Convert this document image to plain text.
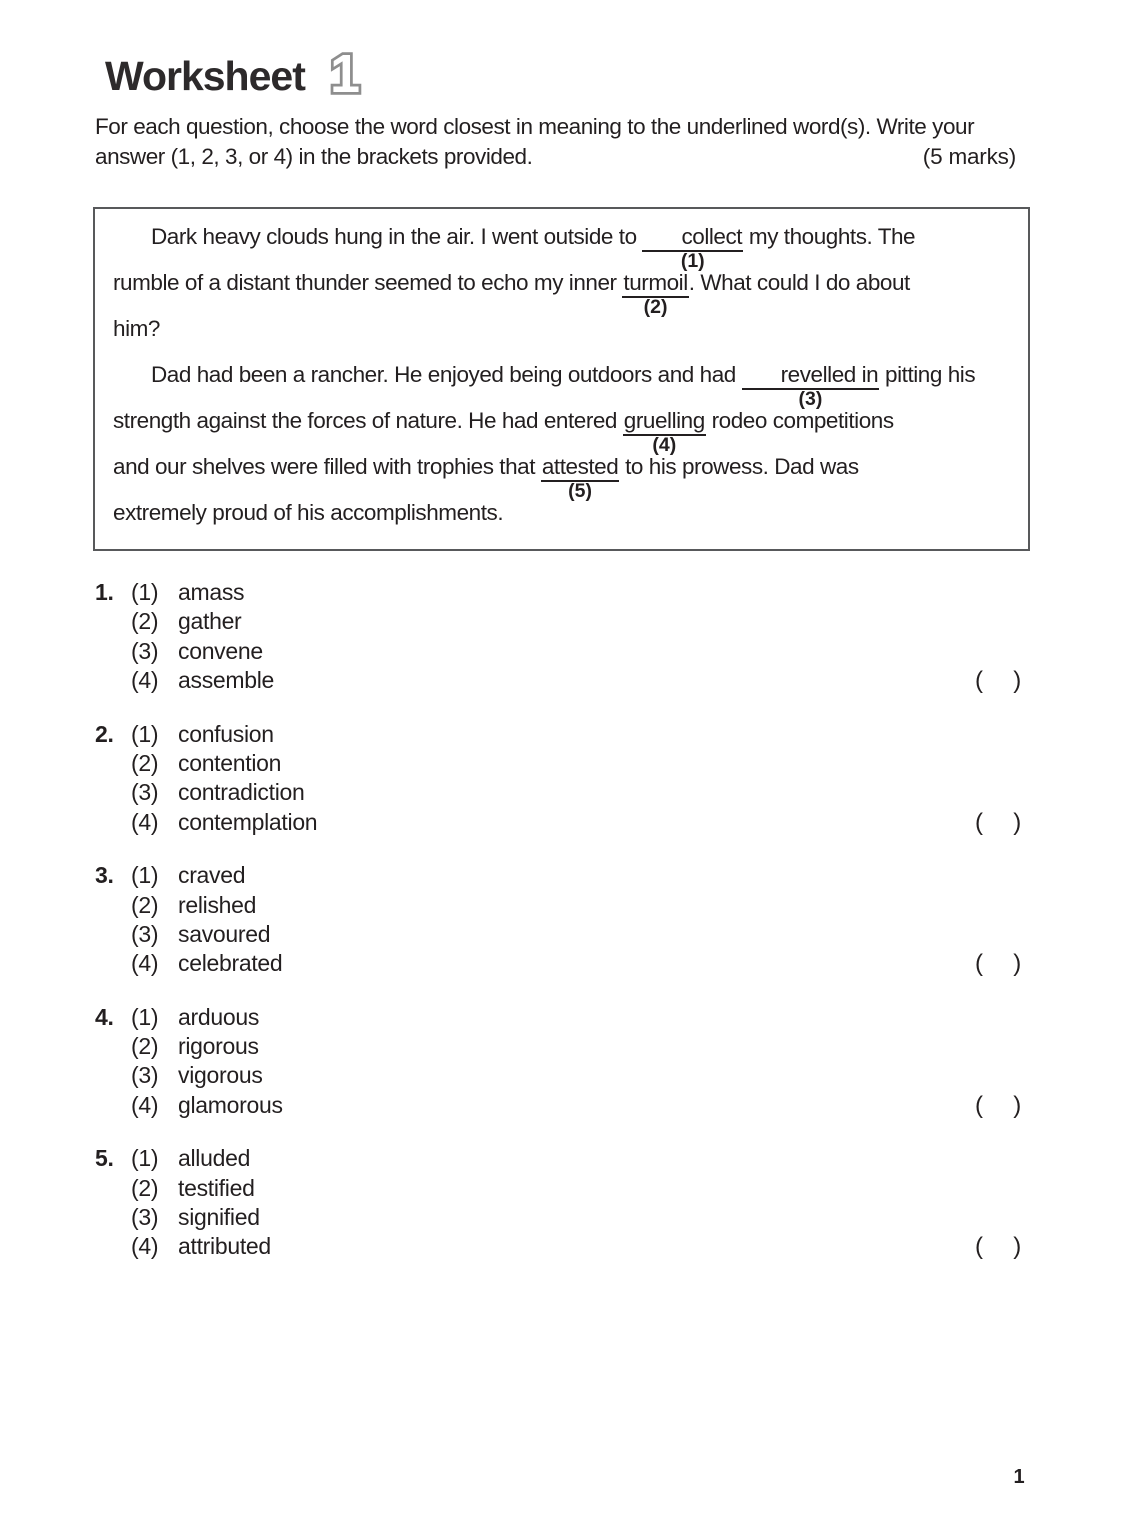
Worksheet 1
For each question, choose the word closest in meaning to the underlined word(s). Write your
answer (1, 2, 3, or 4) in the brackets provided.	(5 marks)
Dark heavy clouds hung in the air. I went outside to collect
(1)
my thoughts. The
rumble of a distant thunder seemed to echo my inner turmoil
(2)
. What could I do about
him?
Dad had been a rancher. He enjoyed being outdoors and had revelled in
(3)
pitting his
strength against the forces of nature. He had entered gruelling
(4)
rodeo competitions
and our shelves were filled with trophies that attested
(5)
to his prowess. Dad was
extremely proud of his accomplishments.
1. (1) amass
(2) gather
(3) convene
(4) assemble	( )
2. (1) confusion
(2) contention
(3) contradiction
(4) contemplation	( )
3. (1) craved
(2) relished
(3) savoured
(4) celebrated	( )
4. (1) arduous
(2) rigorous
(3) vigorous
(4) glamorous	( )
5. (1) alluded
(2) testified
(3) signified
(4) attributed	( )
1
